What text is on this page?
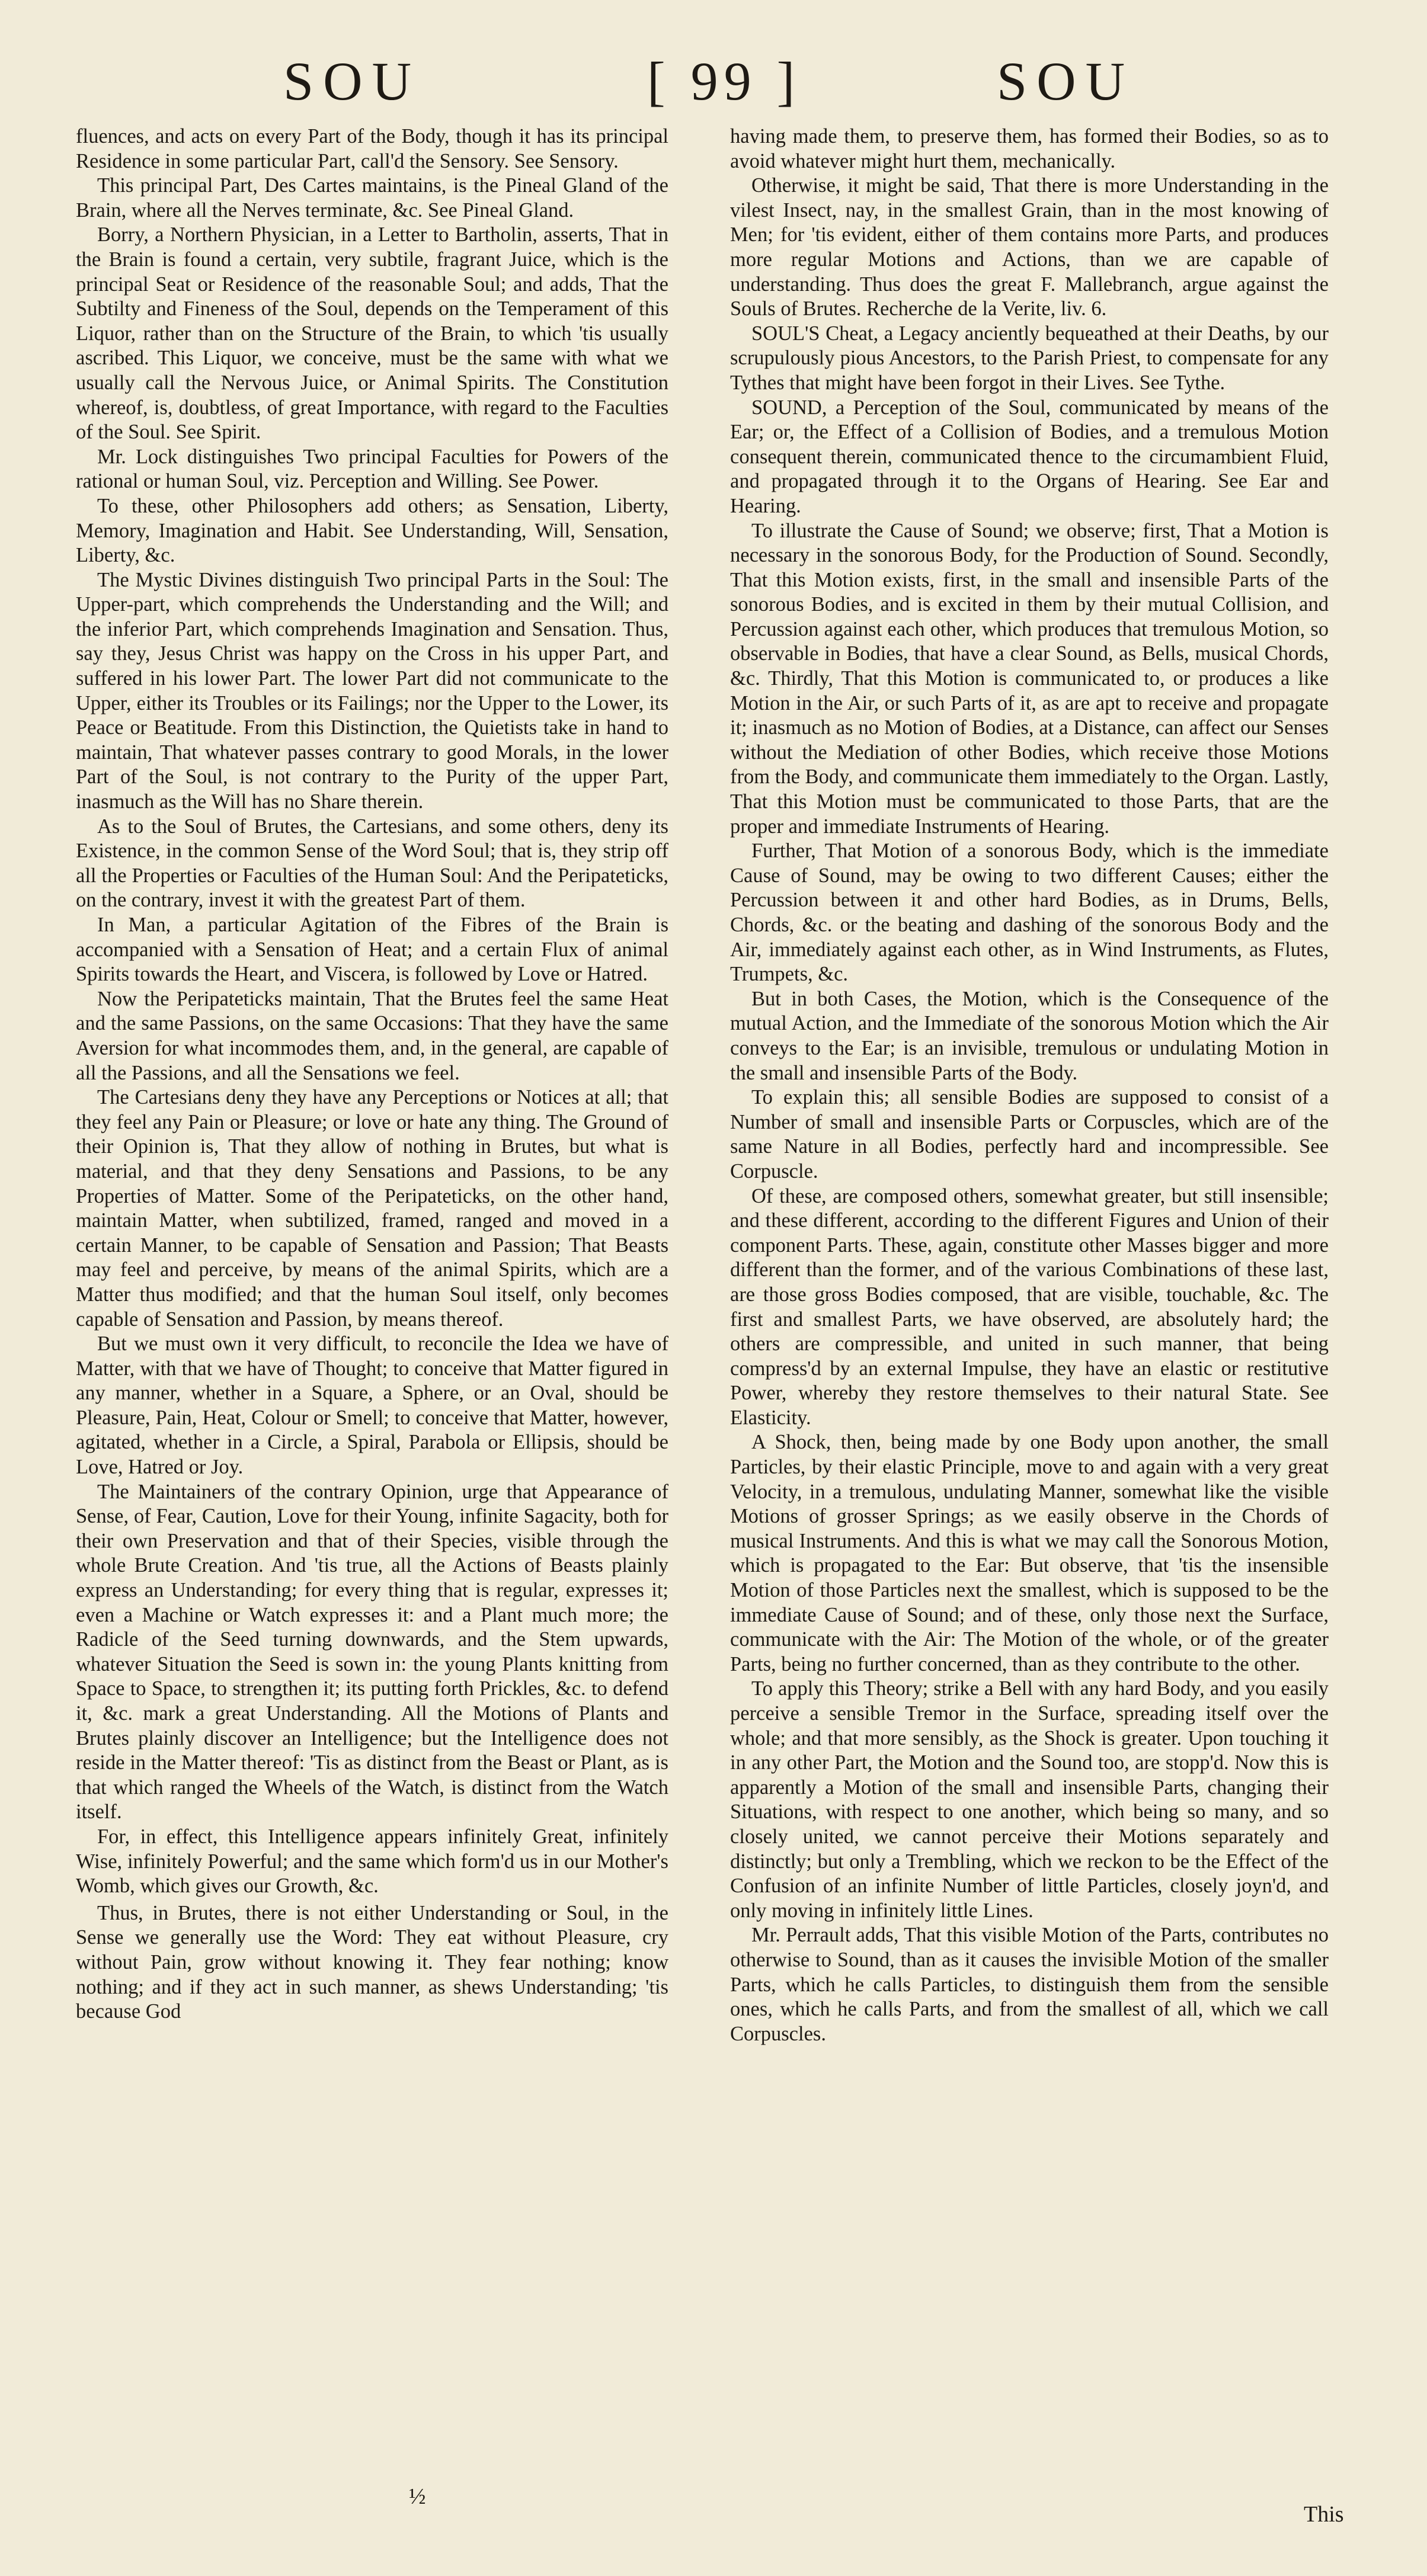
SOU	[ 99 ]	SOU

fluences, and acts on every Part of the Body, though it has its principal Residence in some particular Part, call'd the Sensory. See Sensory.

This principal Part, Des Cartes maintains, is the Pineal Gland of the Brain, where all the Nerves terminate, &c. See Pineal Gland.

Borry, a Northern Physician, in a Letter to Bartholin, asserts, That in the Brain is found a certain, very subtile, fragrant Juice, which is the principal Seat or Residence of the reasonable Soul; and adds, That the Subtilty and Fineness of the Soul, depends on the Temperament of this Liquor, rather than on the Structure of the Brain, to which 'tis usually ascribed. This Liquor, we conceive, must be the same with what we usually call the Nervous Juice, or Animal Spirits. The Constitution whereof, is, doubtless, of great Importance, with regard to the Faculties of the Soul. See Spirit.

Mr. Lock distinguishes Two principal Faculties for Powers of the rational or human Soul, viz. Perception and Willing. See Power.

To these, other Philosophers add others; as Sensation, Liberty, Memory, Imagination and Habit. See Understanding, Will, Sensation, Liberty, &c.

The Mystic Divines distinguish Two principal Parts in the Soul: The Upper-part, which comprehends the Understanding and the Will; and the inferior Part, which comprehends Imagination and Sensation. Thus, say they, Jesus Christ was happy on the Cross in his upper Part, and suffered in his lower Part. The lower Part did not communicate to the Upper, either its Troubles or its Failings; nor the Upper to the Lower, its Peace or Beatitude. From this Distinction, the Quietists take in hand to maintain, That whatever passes contrary to good Morals, in the lower Part of the Soul, is not contrary to the Purity of the upper Part, inasmuch as the Will has no Share therein.

As to the Soul of Brutes, the Cartesians, and some others, deny its Existence, in the common Sense of the Word Soul; that is, they strip off all the Properties or Faculties of the Human Soul: And the Peripateticks, on the contrary, invest it with the greatest Part of them.

In Man, a particular Agitation of the Fibres of the Brain is accompanied with a Sensation of Heat; and a certain Flux of animal Spirits towards the Heart, and Viscera, is followed by Love or Hatred.

Now the Peripateticks maintain, That the Brutes feel the same Heat and the same Passions, on the same Occasions: That they have the same Aversion for what incommodes them, and, in the general, are capable of all the Passions, and all the Sensations we feel.

The Cartesians deny they have any Perceptions or Notices at all; that they feel any Pain or Pleasure; or love or hate any thing. The Ground of their Opinion is, That they allow of nothing in Brutes, but what is material, and that they deny Sensations and Passions, to be any Properties of Matter. Some of the Peripateticks, on the other hand, maintain Matter, when subtilized, framed, ranged and moved in a certain Manner, to be capable of Sensation and Passion; That Beasts may feel and perceive, by means of the animal Spirits, which are a Matter thus modified; and that the human Soul itself, only becomes capable of Sensation and Passion, by means thereof.

But we must own it very difficult, to reconcile the Idea we have of Matter, with that we have of Thought; to conceive that Matter figured in any manner, whether in a Square, a Sphere, or an Oval, should be Pleasure, Pain, Heat, Colour or Smell; to conceive that Matter, however, agitated, whether in a Circle, a Spiral, Parabola or Ellipsis, should be Love, Hatred or Joy.

The Maintainers of the contrary Opinion, urge that Appearance of Sense, of Fear, Caution, Love for their Young, infinite Sagacity, both for their own Preservation and that of their Species, visible through the whole Brute Creation. And 'tis true, all the Actions of Beasts plainly express an Understanding; for every thing that is regular, expresses it; even a Machine or Watch expresses it: and a Plant much more; the Radicle of the Seed turning downwards, and the Stem upwards, whatever Situation the Seed is sown in: the young Plants knitting from Space to Space, to strengthen it; its putting forth Prickles, &c. to defend it, &c. mark a great Understanding. All the Motions of Plants and Brutes plainly discover an Intelligence; but the Intelligence does not reside in the Matter thereof: 'Tis as distinct from the Beast or Plant, as is that which ranged the Wheels of the Watch, is distinct from the Watch itself.

For, in effect, this Intelligence appears infinitely Great, infinitely Wise, infinitely Powerful; and the same which form'd us in our Mother's Womb, which gives our Growth, &c.

Thus, in Brutes, there is not either Understanding or Soul, in the Sense we generally use the Word: They eat without Pleasure, cry without Pain, grow without knowing it. They fear nothing; know nothing; and if they act in such manner, as shews Understanding; 'tis because God

having made them, to preserve them, has formed their Bodies, so as to avoid whatever might hurt them, mechanically.

Otherwise, it might be said, That there is more Understanding in the vilest Insect, nay, in the smallest Grain, than in the most knowing of Men; for 'tis evident, either of them contains more Parts, and produces more regular Motions and Actions, than we are capable of understanding. Thus does the great F. Mallebranch, argue against the Souls of Brutes. Recherche de la Verite, liv. 6.

SOUL'S Cheat, a Legacy anciently bequeathed at their Deaths, by our scrupulously pious Ancestors, to the Parish Priest, to compensate for any Tythes that might have been forgot in their Lives. See Tythe.

SOUND, a Perception of the Soul, communicated by means of the Ear; or, the Effect of a Collision of Bodies, and a tremulous Motion consequent therein, communicated thence to the circumambient Fluid, and propagated through it to the Organs of Hearing. See Ear and Hearing.

To illustrate the Cause of Sound; we observe; first, That a Motion is necessary in the sonorous Body, for the Production of Sound. Secondly, That this Motion exists, first, in the small and insensible Parts of the sonorous Bodies, and is excited in them by their mutual Collision, and Percussion against each other, which produces that tremulous Motion, so observable in Bodies, that have a clear Sound, as Bells, musical Chords, &c. Thirdly, That this Motion is communicated to, or produces a like Motion in the Air, or such Parts of it, as are apt to receive and propagate it; inasmuch as no Motion of Bodies, at a Distance, can affect our Senses without the Mediation of other Bodies, which receive those Motions from the Body, and communicate them immediately to the Organ. Lastly, That this Motion must be communicated to those Parts, that are the proper and immediate Instruments of Hearing.

Further, That Motion of a sonorous Body, which is the immediate Cause of Sound, may be owing to two different Causes; either the Percussion between it and other hard Bodies, as in Drums, Bells, Chords, &c. or the beating and dashing of the sonorous Body and the Air, immediately against each other, as in Wind Instruments, as Flutes, Trumpets, &c.

But in both Cases, the Motion, which is the Consequence of the mutual Action, and the Immediate of the sonorous Motion which the Air conveys to the Ear; is an invisible, tremulous or undulating Motion in the small and insensible Parts of the Body.

To explain this; all sensible Bodies are supposed to consist of a Number of small and insensible Parts or Corpuscles, which are of the same Nature in all Bodies, perfectly hard and incompressible. See Corpuscle.

Of these, are composed others, somewhat greater, but still insensible; and these different, according to the different Figures and Union of their component Parts. These, again, constitute other Masses bigger and more different than the former, and of the various Combinations of these last, are those gross Bodies composed, that are visible, touchable, &c. The first and smallest Parts, we have observed, are absolutely hard; the others are compressible, and united in such manner, that being compress'd by an external Impulse, they have an elastic or restitutive Power, whereby they restore themselves to their natural State. See Elasticity.

A Shock, then, being made by one Body upon another, the small Particles, by their elastic Principle, move to and again with a very great Velocity, in a tremulous, undulating Manner, somewhat like the visible Motions of grosser Springs; as we easily observe in the Chords of musical Instruments. And this is what we may call the Sonorous Motion, which is propagated to the Ear: But observe, that 'tis the insensible Motion of those Particles next the smallest, which is supposed to be the immediate Cause of Sound; and of these, only those next the Surface, communicate with the Air: The Motion of the whole, or of the greater Parts, being no further concerned, than as they contribute to the other.

To apply this Theory; strike a Bell with any hard Body, and you easily perceive a sensible Tremor in the Surface, spreading itself over the whole; and that more sensibly, as the Shock is greater. Upon touching it in any other Part, the Motion and the Sound too, are stopp'd. Now this is apparently a Motion of the small and insensible Parts, changing their Situations, with respect to one another, which being so many, and so closely united, we cannot perceive their Motions separately and distinctly; but only a Trembling, which we reckon to be the Effect of the Confusion of an infinite Number of little Particles, closely joyn'd, and only moving in infinitely little Lines.

Mr. Perrault adds, That this visible Motion of the Parts, contributes no otherwise to Sound, than as it causes the invisible Motion of the smaller Parts, which he calls Particles, to distinguish them from the sensible ones, which he calls Parts, and from the smallest of all, which we call Corpuscles.

½
This
